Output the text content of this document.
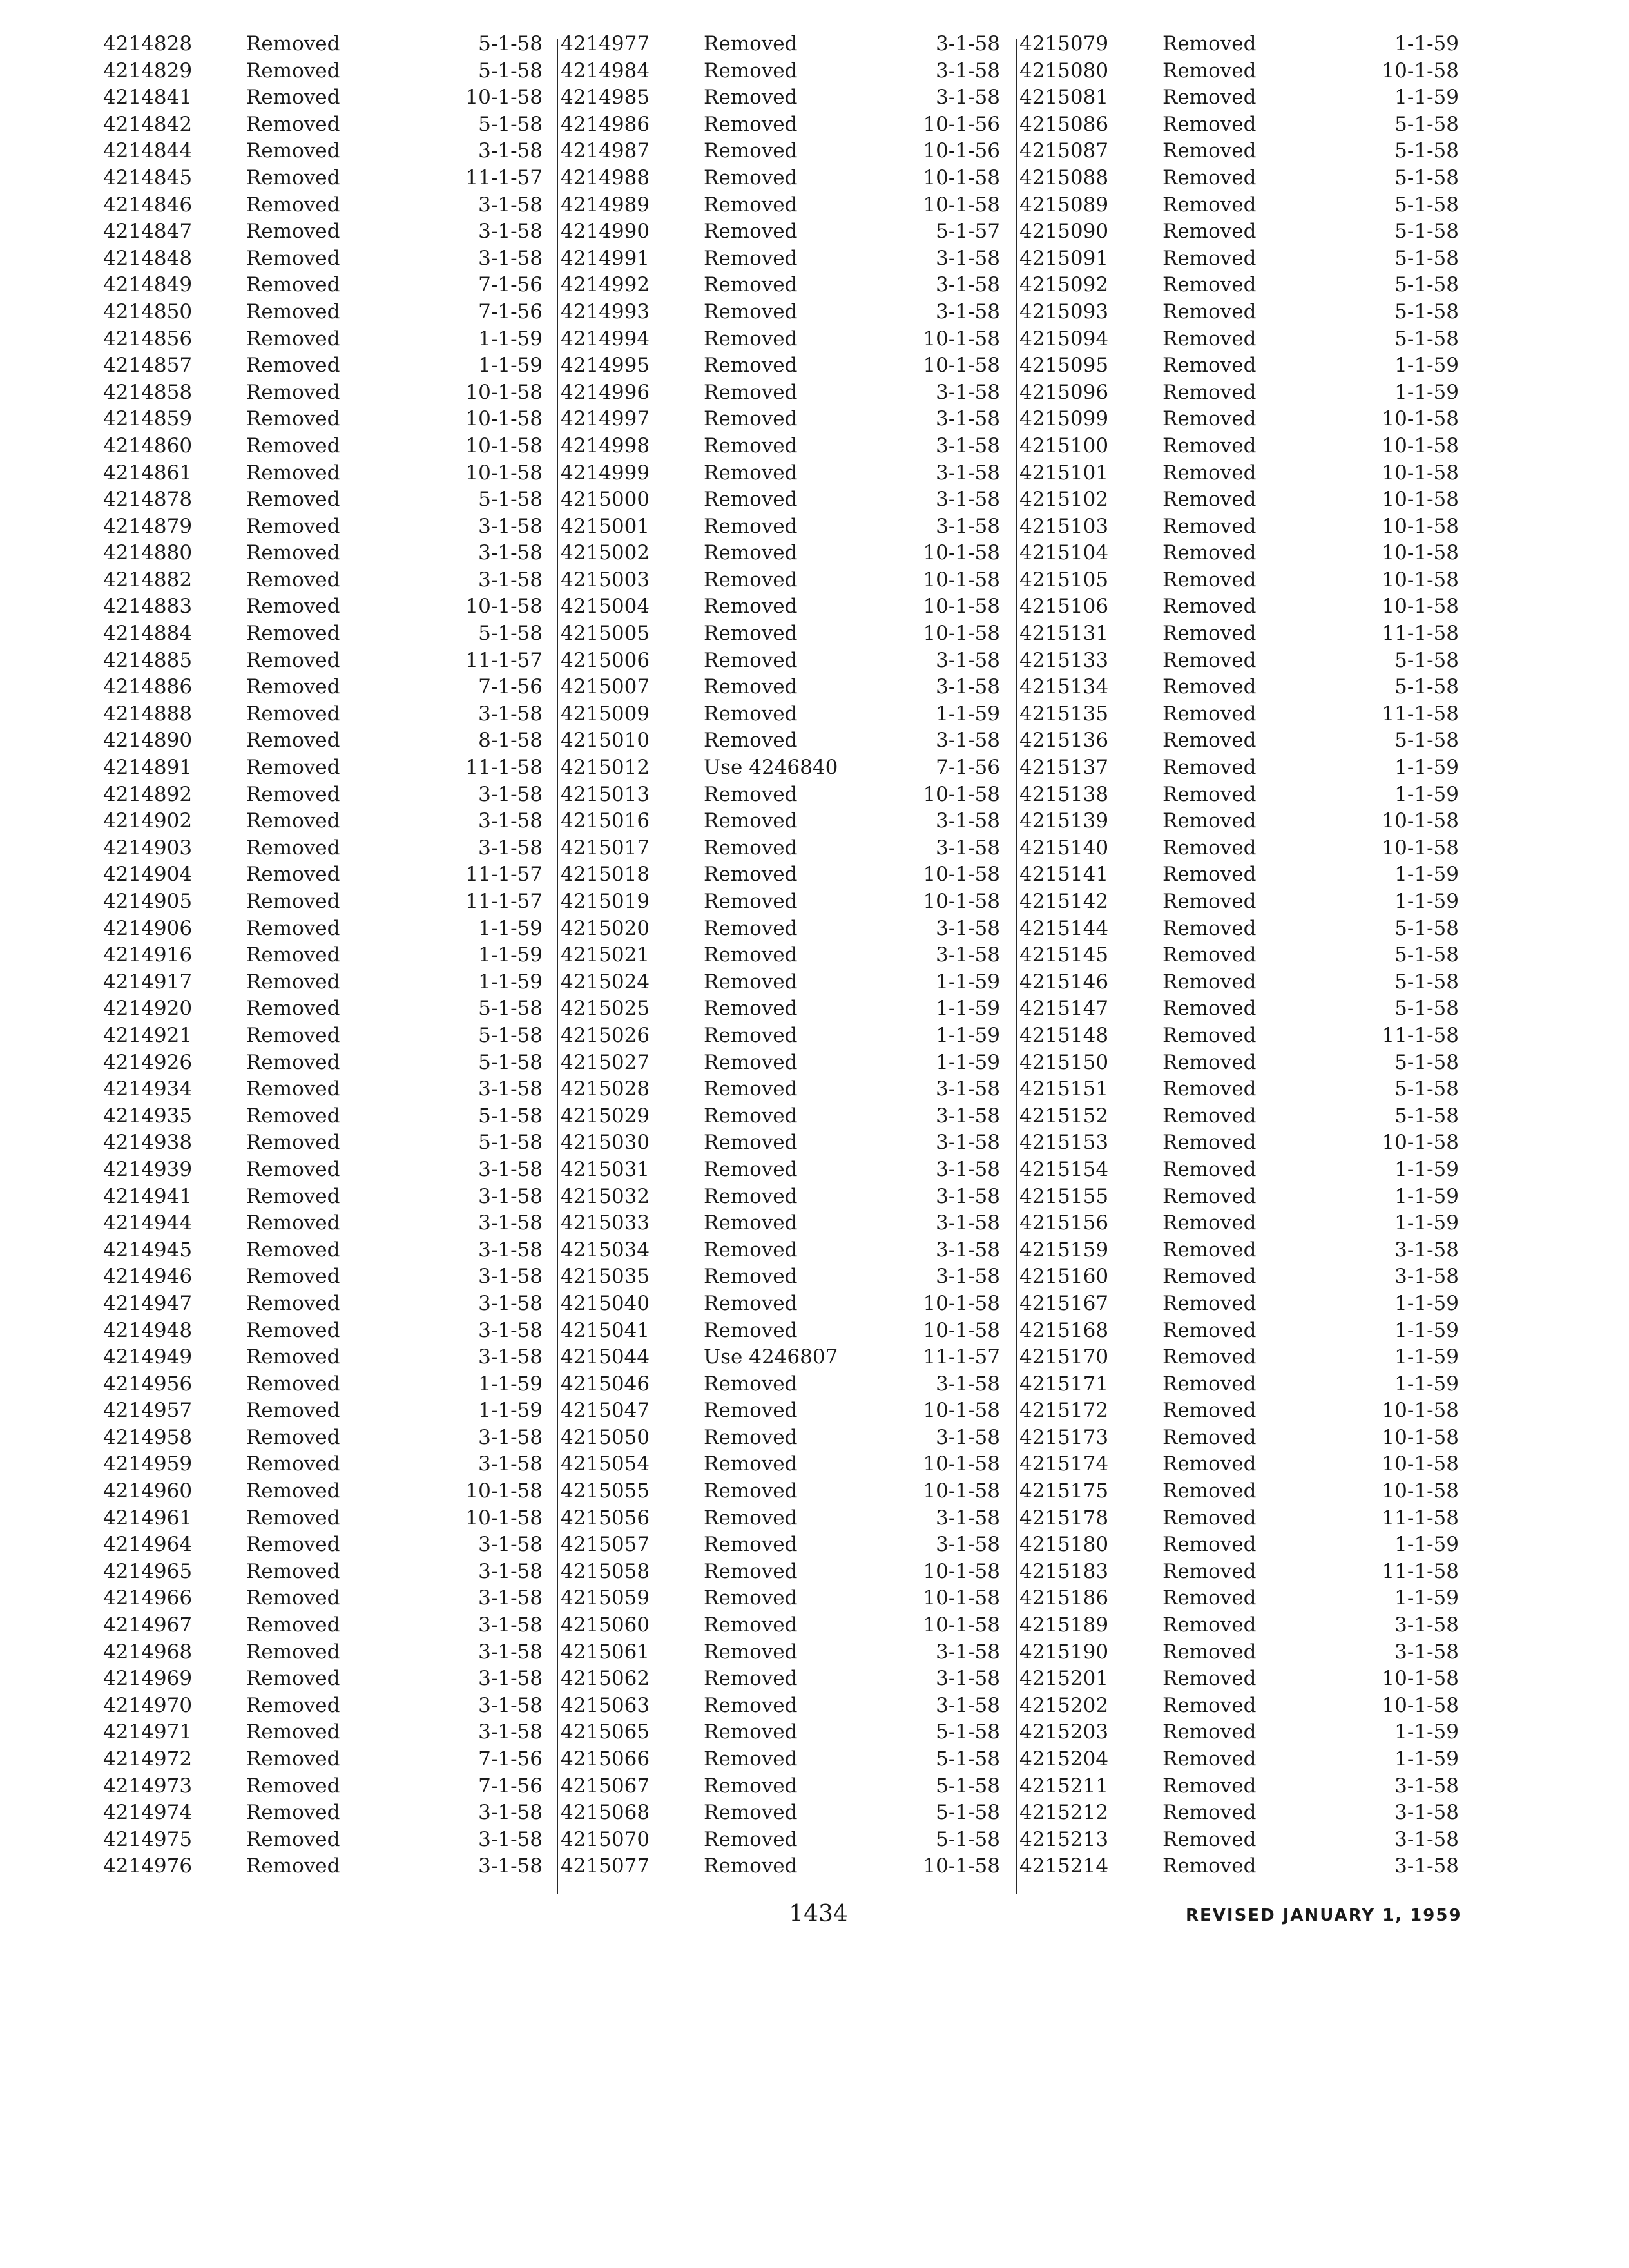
4214828	Removed	5-1-58
4214829	Removed	5-1-58
4214841	Removed	10-1-58
4214842	Removed	5-1-58
4214844	Removed	3-1-58
4214845	Removed	11-1-57
4214846	Removed	3-1-58
4214847	Removed	3-1-58
4214848	Removed	3-1-58
4214849	Removed	7-1-56
4214850	Removed	7-1-56
4214856	Removed	1-1-59
4214857	Removed	1-1-59
4214858	Removed	10-1-58
4214859	Removed	10-1-58
4214860	Removed	10-1-58
4214861	Removed	10-1-58
4214878	Removed	5-1-58
4214879	Removed	3-1-58
4214880	Removed	3-1-58
4214882	Removed	3-1-58
4214883	Removed	10-1-58
4214884	Removed	5-1-58
4214885	Removed	11-1-57
4214886	Removed	7-1-56
4214888	Removed	3-1-58
4214890	Removed	8-1-58
4214891	Removed	11-1-58
4214892	Removed	3-1-58
4214902	Removed	3-1-58
4214903	Removed	3-1-58
4214904	Removed	11-1-57
4214905	Removed	11-1-57
4214906	Removed	1-1-59
4214916	Removed	1-1-59
4214917	Removed	1-1-59
4214920	Removed	5-1-58
4214921	Removed	5-1-58
4214926	Removed	5-1-58
4214934	Removed	3-1-58
4214935	Removed	5-1-58
4214938	Removed	5-1-58
4214939	Removed	3-1-58
4214941	Removed	3-1-58
4214944	Removed	3-1-58
4214945	Removed	3-1-58
4214946	Removed	3-1-58
4214947	Removed	3-1-58
4214948	Removed	3-1-58
4214949	Removed	3-1-58
4214956	Removed	1-1-59
4214957	Removed	1-1-59
4214958	Removed	3-1-58
4214959	Removed	3-1-58
4214960	Removed	10-1-58
4214961	Removed	10-1-58
4214964	Removed	3-1-58
4214965	Removed	3-1-58
4214966	Removed	3-1-58
4214967	Removed	3-1-58
4214968	Removed	3-1-58
4214969	Removed	3-1-58
4214970	Removed	3-1-58
4214971	Removed	3-1-58
4214972	Removed	7-1-56
4214973	Removed	7-1-56
4214974	Removed	3-1-58
4214975	Removed	3-1-58
4214976	Removed	3-1-58
4214977	Removed	3-1-58
4214984	Removed	3-1-58
4214985	Removed	3-1-58
4214986	Removed	10-1-56
4214987	Removed	10-1-56
4214988	Removed	10-1-58
4214989	Removed	10-1-58
4214990	Removed	5-1-57
4214991	Removed	3-1-58
4214992	Removed	3-1-58
4214993	Removed	3-1-58
4214994	Removed	10-1-58
4214995	Removed	10-1-58
4214996	Removed	3-1-58
4214997	Removed	3-1-58
4214998	Removed	3-1-58
4214999	Removed	3-1-58
4215000	Removed	3-1-58
4215001	Removed	3-1-58
4215002	Removed	10-1-58
4215003	Removed	10-1-58
4215004	Removed	10-1-58
4215005	Removed	10-1-58
4215006	Removed	3-1-58
4215007	Removed	3-1-58
4215009	Removed	1-1-59
4215010	Removed	3-1-58
4215012	Use 4246840	7-1-56
4215013	Removed	10-1-58
4215016	Removed	3-1-58
4215017	Removed	3-1-58
4215018	Removed	10-1-58
4215019	Removed	10-1-58
4215020	Removed	3-1-58
4215021	Removed	3-1-58
4215024	Removed	1-1-59
4215025	Removed	1-1-59
4215026	Removed	1-1-59
4215027	Removed	1-1-59
4215028	Removed	3-1-58
4215029	Removed	3-1-58
4215030	Removed	3-1-58
4215031	Removed	3-1-58
4215032	Removed	3-1-58
4215033	Removed	3-1-58
4215034	Removed	3-1-58
4215035	Removed	3-1-58
4215040	Removed	10-1-58
4215041	Removed	10-1-58
4215044	Use 4246807	11-1-57
4215046	Removed	3-1-58
4215047	Removed	10-1-58
4215050	Removed	3-1-58
4215054	Removed	10-1-58
4215055	Removed	10-1-58
4215056	Removed	3-1-58
4215057	Removed	3-1-58
4215058	Removed	10-1-58
4215059	Removed	10-1-58
4215060	Removed	10-1-58
4215061	Removed	3-1-58
4215062	Removed	3-1-58
4215063	Removed	3-1-58
4215065	Removed	5-1-58
4215066	Removed	5-1-58
4215067	Removed	5-1-58
4215068	Removed	5-1-58
4215070	Removed	5-1-58
4215077	Removed	10-1-58
4215079	Removed	1-1-59
4215080	Removed	10-1-58
4215081	Removed	1-1-59
4215086	Removed	5-1-58
4215087	Removed	5-1-58
4215088	Removed	5-1-58
4215089	Removed	5-1-58
4215090	Removed	5-1-58
4215091	Removed	5-1-58
4215092	Removed	5-1-58
4215093	Removed	5-1-58
4215094	Removed	5-1-58
4215095	Removed	1-1-59
4215096	Removed	1-1-59
4215099	Removed	10-1-58
4215100	Removed	10-1-58
4215101	Removed	10-1-58
4215102	Removed	10-1-58
4215103	Removed	10-1-58
4215104	Removed	10-1-58
4215105	Removed	10-1-58
4215106	Removed	10-1-58
4215131	Removed	11-1-58
4215133	Removed	5-1-58
4215134	Removed	5-1-58
4215135	Removed	11-1-58
4215136	Removed	5-1-58
4215137	Removed	1-1-59
4215138	Removed	1-1-59
4215139	Removed	10-1-58
4215140	Removed	10-1-58
4215141	Removed	1-1-59
4215142	Removed	1-1-59
4215144	Removed	5-1-58
4215145	Removed	5-1-58
4215146	Removed	5-1-58
4215147	Removed	5-1-58
4215148	Removed	11-1-58
4215150	Removed	5-1-58
4215151	Removed	5-1-58
4215152	Removed	5-1-58
4215153	Removed	10-1-58
4215154	Removed	1-1-59
4215155	Removed	1-1-59
4215156	Removed	1-1-59
4215159	Removed	3-1-58
4215160	Removed	3-1-58
4215167	Removed	1-1-59
4215168	Removed	1-1-59
4215170	Removed	1-1-59
4215171	Removed	1-1-59
4215172	Removed	10-1-58
4215173	Removed	10-1-58
4215174	Removed	10-1-58
4215175	Removed	10-1-58
4215178	Removed	11-1-58
4215180	Removed	1-1-59
4215183	Removed	11-1-58
4215186	Removed	1-1-59
4215189	Removed	3-1-58
4215190	Removed	3-1-58
4215201	Removed	10-1-58
4215202	Removed	10-1-58
4215203	Removed	1-1-59
4215204	Removed	1-1-59
4215211	Removed	3-1-58
4215212	Removed	3-1-58
4215213	Removed	3-1-58
4215214	Removed	3-1-58
1434	REVISED JANUARY 1, 1959
